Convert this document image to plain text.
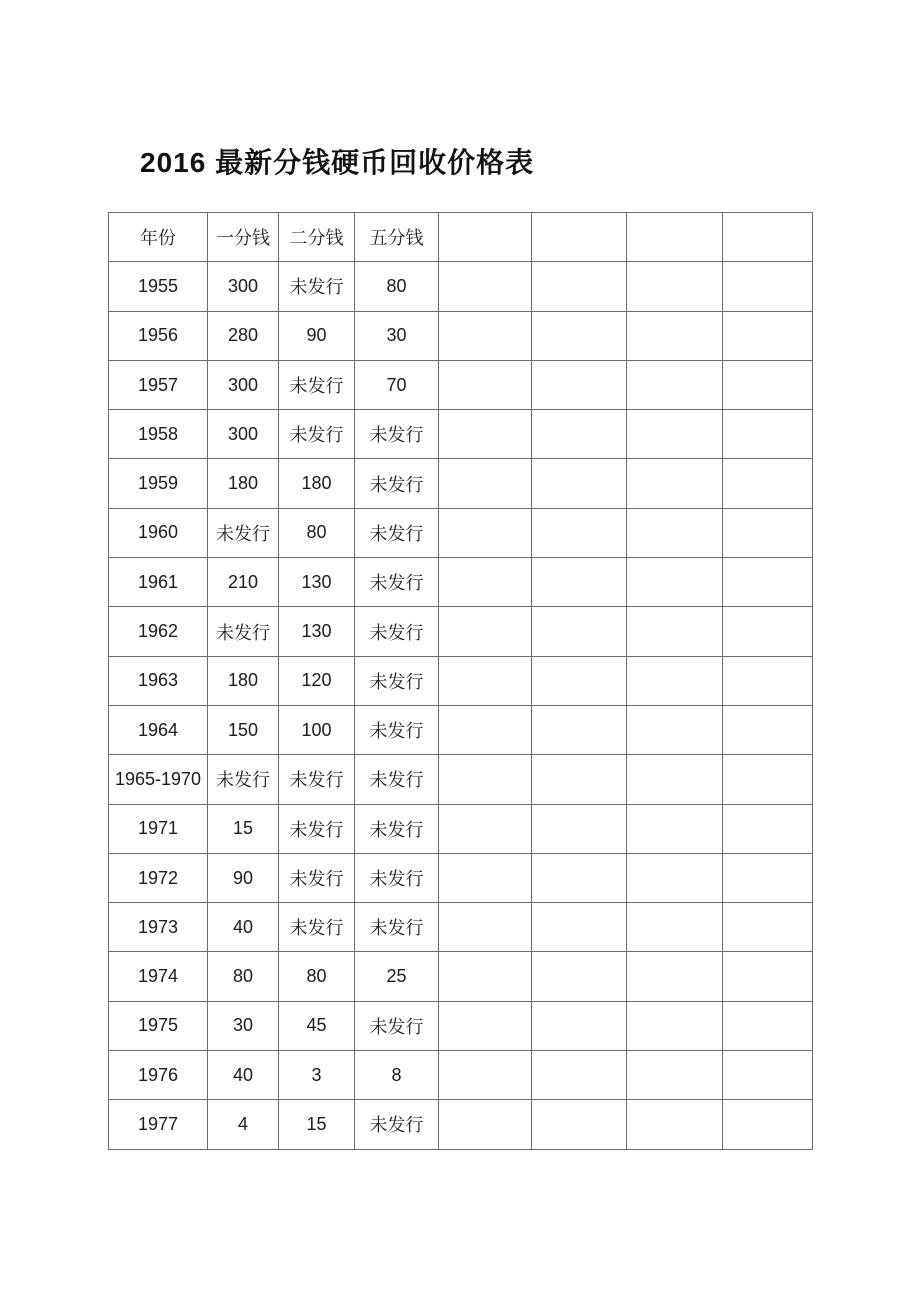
2016 最新分钱硬币回收价格表
年份	一分钱	二分钱	五分钱				
1955	300	未发行	80				
1956	280	90	30				
1957	300	未发行	70				
1958	300	未发行	未发行				
1959	180	180	未发行				
1960	未发行	80	未发行				
1961	210	130	未发行				
1962	未发行	130	未发行				
1963	180	120	未发行				
1964	150	100	未发行				
1965-1970	未发行	未发行	未发行				
1971	15	未发行	未发行				
1972	90	未发行	未发行				
1973	40	未发行	未发行				
1974	80	80	25				
1975	30	45	未发行				
1976	40	3	8				
1977	4	15	未发行				
